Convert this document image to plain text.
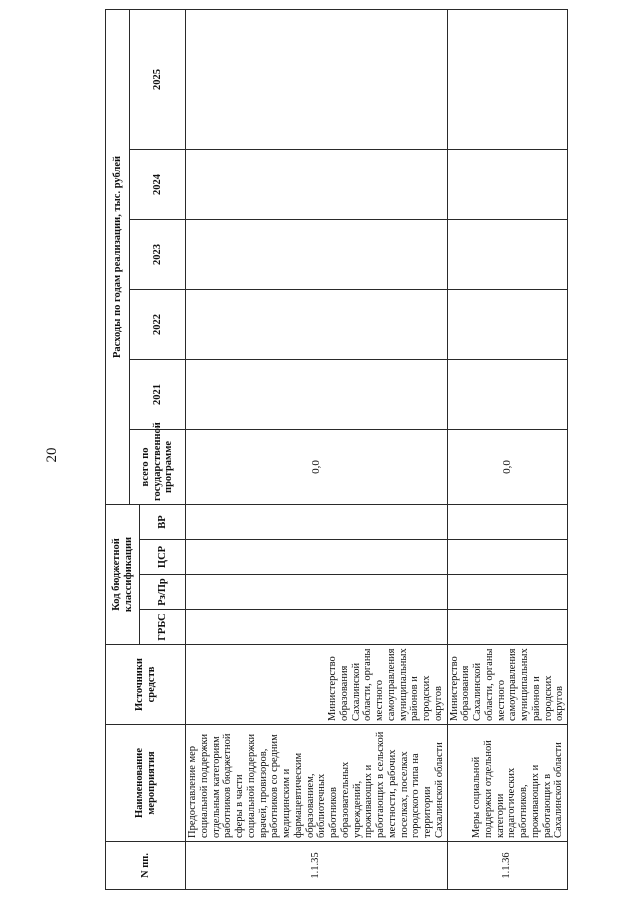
20
N пп.	Наименование мероприятия	Источники средств	Код бюджетной классификации				Расходы по годам реализации, тыс. рублей					
							всего по государственной программе	2021	2022	2023	2024	2025
			ГРБС	Рз/Пр	ЦСР	ВР						
1.1.35	Предоставление мер социальной поддержки отдельным категориям работников бюджетной сферы в части социальной поддержки врачей, провизоров, работников со средним медицинским и фармацевтическим образованием, библиотечных работников образовательных учреждений, проживающих и работающих в сельской местности, рабочих поселках, поселках городского типа на территории Сахалинской области	Министерство образования Сахалинской области, органы местного самоуправления муниципальных районов и городских округов					0,0					
1.1.36	Меры социальной поддержки отдельной категории педагогических работников, проживающих и работающих в Сахалинской области	Министерство образования Сахалинской области, органы местного самоуправления муниципальных районов и городских округов					0,0					
